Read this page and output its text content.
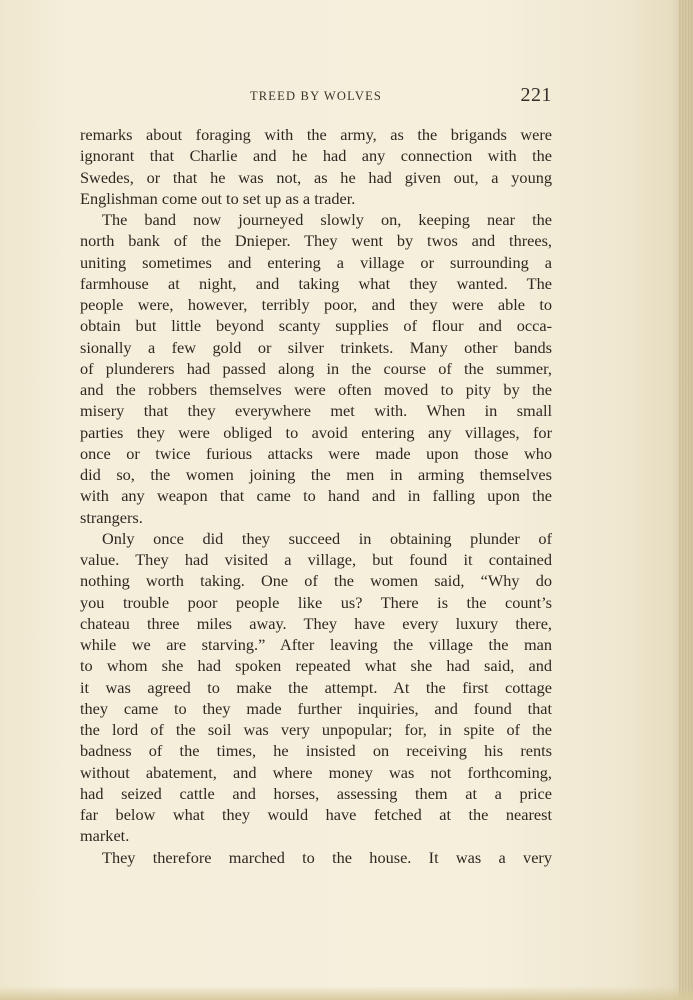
TREED BY WOLVES	221
remarks about foraging with the army, as the brigands were
ignorant that Charlie and he had any connection with the
Swedes, or that he was not, as he had given out, a young
Englishman come out to set up as a trader.
The band now journeyed slowly on, keeping near the
north bank of the Dnieper. They went by twos and threes,
uniting sometimes and entering a village or surrounding a
farmhouse at night, and taking what they wanted. The
people were, however, terribly poor, and they were able to
obtain but little beyond scanty supplies of flour and occa-
sionally a few gold or silver trinkets. Many other bands
of plunderers had passed along in the course of the summer,
and the robbers themselves were often moved to pity by the
misery that they everywhere met with. When in small
parties they were obliged to avoid entering any villages, for
once or twice furious attacks were made upon those who
did so, the women joining the men in arming themselves
with any weapon that came to hand and in falling upon the
strangers.
Only once did they succeed in obtaining plunder of
value. They had visited a village, but found it contained
nothing worth taking. One of the women said, “Why do
you trouble poor people like us? There is the count’s
chateau three miles away. They have every luxury there,
while we are starving.” After leaving the village the man
to whom she had spoken repeated what she had said, and
it was agreed to make the attempt. At the first cottage
they came to they made further inquiries, and found that
the lord of the soil was very unpopular; for, in spite of the
badness of the times, he insisted on receiving his rents
without abatement, and where money was not forthcoming,
had seized cattle and horses, assessing them at a price
far below what they would have fetched at the nearest
market.
They therefore marched to the house. It was a very
